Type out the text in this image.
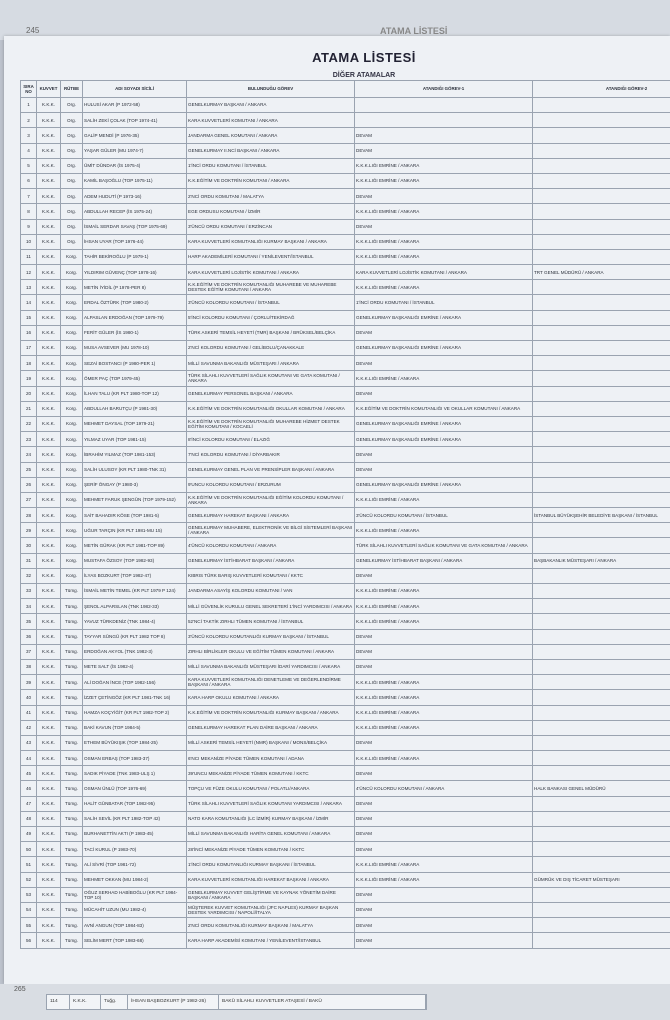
245	ATAMA LİSTESİ
ATAMA LİSTESİ
DİĞER ATAMALAR
SIRA NO	KUVVET	RÜTBE	ADI SOYADI SİCİLİ	BULUNDUĞU GÖREV	ATANDIĞI GÖREV-1	ATANDIĞI GÖREV-2
1	K.K.K.	Org.	HULUSİ AKAR (P 1972-58)	GENELKURMAY BAŞKANI / ANKARA		
2	K.K.K.	Org.	SALİH ZEKİ ÇOLAK (TOP 1974-41)	KARA KUVVETLERİ KOMUTANI / ANKARA		
3	K.K.K.	Org.	GALİP MENDİ (P 1976-35)	JANDARMA GENEL KOMUTANI / ANKARA	DEVAM	
4	K.K.K.	Org.	YAŞAR GÜLER (MU 1974-7)	GENELKURMAY II.NCİ BAŞKANI / ANKARA	DEVAM	
5	K.K.K.	Org.	ÜMİT DÜNDAR (İS 1975-4)	1'İNCİ ORDU KOMUTANI / İSTANBUL	K.K.K.LIĞI EMRİNE / ANKARA	
6	K.K.K.	Org.	KAMİL BAŞOĞLU (TOP 1975-11)	K.K.EĞİTİM VE DOKTRİN KOMUTANI / ANKARA	K.K.K.LIĞI EMRİNE / ANKARA	
7	K.K.K.	Org.	ADEM HUDUTİ (P 1973-16)	2'NCİ ORDU KOMUTANI / MALATYA	DEVAM	
8	K.K.K.	Org.	ABDULLAH RECEP (İS 1975-24)	EGE ORDUSU KOMUTANI / İZMİR	K.K.K.LIĞI EMRİNE / ANKARA	
9	K.K.K.	Org.	İSMAİL SERDAR SAVAŞ (TOP 1975-69)	3'ÜNCÜ ORDU KOMUTANI / ERZİNCAN	DEVAM	
10	K.K.K.	Org.	İHSAN UYAR (TOP 1976-44)	KARA KUVVETLERİ KOMUTANLIĞI KURMAY BAŞKANI / ANKARA	K.K.K.LIĞI EMRİNE / ANKARA	
11	K.K.K.	Korg.	TAHİR BEKİROĞLU (P 1979-1)	HARP AKADEMİLERİ KOMUTANI / YENİLEVENT/İSTANBUL	K.K.K.LIĞI EMRİNE / ANKARA	
12	K.K.K.	Korg.	YILDIRIM GÜVENÇ (TOP 1978-16)	KARA KUVVETLERİ LOJİSTİK KOMUTANI / ANKARA	KARA KUVVETLERİ LOJİSTİK KOMUTANI / ANKARA	TRT GENEL MÜDÜRÜ / ANKARA
13	K.K.K.	Korg.	METİN İYİDİL (P 1978-PER 8)	K.K.EĞİTİM VE DOKTRİN KOMUTANLIĞI MUHAREBE VE MUHAREBE DESTEK EĞİTİM KOMUTANI / ANKARA	K.K.K.LIĞI EMRİNE / ANKARA	
14	K.K.K.	Korg.	ERDAL ÖZTÜRK (TOP 1980-2)	3'ÜNCÜ KOLORDU KOMUTANI / İSTANBUL	1'İNCİ ORDU KOMUTANI / İSTANBUL	
15	K.K.K.	Korg.	ALPASLAN ERDOĞAN (TOP 1979-79)	5'İNCİ KOLORDU KOMUTANI / ÇORLU/TEKİRDAĞ	GENELKURMAY BAŞKANLIĞI EMRİNE / ANKARA	
16	K.K.K.	Korg.	FERİT GÜLER (İS 1980-1)	TÜRK ASKERİ TEMSİL HEYETİ (TMR) BAŞKANI / BRÜKSEL/BELÇİKA	DEVAM	
17	K.K.K.	Korg.	MUSA AVSEVER (MU 1978-10)	2'NCİ KOLORDU KOMUTANI / GELİBOLU/ÇANAKKALE	GENELKURMAY BAŞKANLIĞI EMRİNE / ANKARA	
18	K.K.K.	Korg.	SEZAİ BOSTANCI (P 1980-PER 1)	MİLLİ SAVUNMA BAKANLIĞI MÜSTEŞARI / ANKARA	DEVAM	
19	K.K.K.	Korg.	ÖMER PAÇ (TOP 1979-45)	TÜRK SİLAHLI KUVVETLERİ SAĞLIK KOMUTANI VE GATA KOMUTANI / ANKARA	K.K.K.LIĞI EMRİNE / ANKARA	
20	K.K.K.	Korg.	İLHAN TALU (KR PLT 1980-TOP 12)	GENELKURMAY PERSONEL BAŞKANI / ANKARA	DEVAM	
21	K.K.K.	Korg.	ABDULLAH BARUTÇU (P 1981-30)	K.K.EĞİTİM VE DOKTRİN KOMUTANLIĞI OKULLAR KOMUTANI / ANKARA	K.K.EĞİTİM VE DOKTRİN KOMUTANLIĞI VE OKULLAR KOMUTANI / ANKARA	
22	K.K.K.	Korg.	MEHMET DAYSAL (TOP 1979-21)	K.K.EĞİTİM VE DOKTRİN KOMUTANLIĞI MUHAREBE HİZMET DESTEK EĞİTİM KOMUTANI / KOCAELİ	GENELKURMAY BAŞKANLIĞI EMRİNE / ANKARA	
23	K.K.K.	Korg.	YILMAZ UYAR (TOP 1981-15)	8'İNCİ KOLORDU KOMUTANI / ELAZIĞ	GENELKURMAY BAŞKANLIĞI EMRİNE / ANKARA	
24	K.K.K.	Korg.	İBRAHİM YILMAZ (TOP 1981-153)	7'NCİ KOLORDU KOMUTANI / DİYARBAKIR	DEVAM	
25	K.K.K.	Korg.	SALİH ULUSOY (KR PLT 1980-TNK 31)	GENELKURMAY GENEL PLAN VE PRENSİPLER BAŞKANI / ANKARA	DEVAM	
26	K.K.K.	Korg.	ŞERİF ÖNGAY (P 1980-3)	9'UNCU KOLORDU KOMUTANI / ERZURUM	GENELKURMAY BAŞKANLIĞI EMRİNE / ANKARA	
27	K.K.K.	Korg.	MEHMET FARUK ŞENGÜN (TOP 1979-152)	K.K.EĞİTİM VE DOKTRİN KOMUTANLIĞI EĞİTİM KOLORDU KOMUTANI / ANKARA	K.K.K.LIĞI EMRİNE / ANKARA	
28	K.K.K.	Korg.	SAİT BAHADIR KÖSE (TOP 1981-5)	GENELKURMAY HAREKAT BAŞKANI / ANKARA	3'ÜNCÜ KOLORDU KOMUTANI / İSTANBUL	İSTANBUL BÜYÜKŞEHİR BELEDİYE BAŞKANI / İSTANBUL
29	K.K.K.	Korg.	UĞUR TARÇIN (KR PLT 1981-MU 15)	GENELKURMAY MUHABERE, ELEKTRONİK VE BİLGİ SİSTEMLERİ BAŞKANI / ANKARA	K.K.K.LIĞI EMRİNE / ANKARA	
30	K.K.K.	Korg.	METİN GÜRAK (KR PLT 1981-TOP 89)	4'ÜNCÜ KOLORDU KOMUTANI / ANKARA	TÜRK SİLAHLI KUVVETLERİ SAĞLIK KOMUTANI VE GATA KOMUTANI / ANKARA	
31	K.K.K.	Korg.	MUSTAFA ÖZSOY (TOP 1982-93)	GENELKURMAY İSTİHBARAT BAŞKANI / ANKARA	GENELKURMAY İSTİHBARAT BAŞKANI / ANKARA	BAŞBAKANLIK MÜSTEŞARI / ANKARA
32	K.K.K.	Korg.	İLYAS BOZKURT (TOP 1982-47)	KIBRIS TÜRK BARIŞ KUVVETLERİ KOMUTANI / KKTC	DEVAM	
33	K.K.K.	Tümg.	İSMAİL METİN TEMEL (KR PLT 1979 P 124)	JANDARMA ASAYİŞ KOLORDU KOMUTANI / VAN	K.K.K.LIĞI EMRİNE / ANKARA	
34	K.K.K.	Tümg.	ŞENOL ALPARSLAN (TNK 1982-33)	MİLLİ GÜVENLİK KURULU GENEL SEKRETERİ 1'İNCİ YARDIMCISI / ANKARA	K.K.K.LIĞI EMRİNE / ANKARA	
35	K.K.K.	Tümg.	YAVUZ TÜRKDENİZ (TNK 1984-4)	52'NCİ TAKTİK ZIRHLI TÜMEN KOMUTANI / İSTANBUL	K.K.K.LIĞI EMRİNE / ANKARA	
36	K.K.K.	Tümg.	TAYYAR SÜNGÜ (KR PLT 1982 TOP 8)	3'ÜNCÜ KOLORDU KOMUTANLIĞI KURMAY BAŞKANI / İSTANBUL	DEVAM	
37	K.K.K.	Tümg.	ERDOĞAN AKYOL (TNK 1982-3)	ZIRHLI BİRLİKLER OKULU VE EĞİTİM TÜMEN KOMUTANI / ANKARA	DEVAM	
38	K.K.K.	Tümg.	METE SALT (İS 1982-4)	MİLLİ SAVUNMA BAKANLIĞI MÜSTEŞARI İDARİ YARDIMCISI / ANKARA	DEVAM	
39	K.K.K.	Tümg.	ALİ DOĞAN İNCE (TOP 1982-156)	KARA KUVVETLERİ KOMUTANLIĞI DENETLEME VE DEĞERLENDİRME BAŞKANI / ANKARA	K.K.K.LIĞI EMRİNE / ANKARA	
40	K.K.K.	Tümg.	İZZET ÇETİNGÖZ (KR PLT 1981-TNK 16)	KARA HARP OKULU KOMUTANI / ANKARA	K.K.K.LIĞI EMRİNE / ANKARA	
41	K.K.K.	Tümg.	HAMZA KOÇYİĞİT (KR PLT 1982-TOP 2)	K.K.EĞİTİM VE DOKTRİN KOMUTANLIĞI KURMAY BAŞKANI / ANKARA	K.K.K.LIĞI EMRİNE / ANKARA	
42	K.K.K.	Tümg.	BAKİ KAVUN (TOP 1984-5)	GENELKURMAY HAREKAT PLAN DAİRE BAŞKANI / ANKARA	K.K.K.LIĞI EMRİNE / ANKARA	
43	K.K.K.	Tümg.	ETHEM BÜYÜKIŞIK (TOP 1984-25)	MİLLİ ASKERİ TEMSİL HEYETİ (NMR) BAŞKANI / MONS/BELÇİKA	DEVAM	
44	K.K.K.	Tümg.	OSMAN ERBAŞ (TOP 1983-37)	6'NCI MEKANİZE PİYADE TÜMEN KOMUTANI / ADANA	K.K.K.LIĞI EMRİNE / ANKARA	
45	K.K.K.	Tümg.	SADIK PİYADE (TNK 1983-ULŞ 1)	39'UNCU MEKANİZE PİYADE TÜMEN KOMUTANI / KKTC	DEVAM	
46	K.K.K.	Tümg.	OSMAN ÜNLÜ (TOP 1976-69)	TOPÇU VE FÜZE OKULU KOMUTANI / POLATLI/ANKARA	4'ÜNCÜ KOLORDU KOMUTANI / ANKARA	HALK BANKASI GENEL MÜDÜRÜ
47	K.K.K.	Tümg.	HALİT GÜNBATAR (TOP 1982-95)	TÜRK SİLAHLI KUVVETLERİ SAĞLIK KOMUTANI YARDIMCISI / ANKARA	DEVAM	
48	K.K.K.	Tümg.	SALİH SEVİL (KR PLT 1982-TOP 42)	NATO KARA KOMUTANLIĞI (LC İZMİR) KURMAY BAŞKANI / İZMİR	DEVAM	
49	K.K.K.	Tümg.	BURHANETTİN AKTI (P 1983-45)	MİLLİ SAVUNMA BAKANLIĞI HARİTA GENEL KOMUTANI / ANKARA	DEVAM	
50	K.K.K.	Tümg.	TACİ KURUL (P 1983-70)	28'İNCİ MEKANİZE PİYADE TÜMEN KOMUTANI / KKTC	DEVAM	
51	K.K.K.	Tümg.	ALİ SİVRİ (TOP 1981-72)	1'İNCİ ORDU KOMUTANLIĞI KURMAY BAŞKANI / İSTANBUL	K.K.K.LIĞI EMRİNE / ANKARA	
52	K.K.K.	Tümg.	MEHMET OKKAN (MU 1984-2)	KARA KUVVETLERİ KOMUTANLIĞI HAREKAT BAŞKANI / ANKARA	K.K.K.LIĞI EMRİNE / ANKARA	GÜMRÜK VE DIŞ TİCARET MÜSTEŞARI
53	K.K.K.	Tümg.	OĞUZ SERHAD HABİBOĞLU (KR PLT 1984-TOP 10)	GENELKURMAY KUVVET GELİŞTİRME VE KAYNAK YÖNETİM DAİRE BAŞKANI / ANKARA	DEVAM	
54	K.K.K.	Tümg.	MÜCAHİT UZUN (MU 1982-4)	MÜŞTEREK KUVVET KOMUTANLIĞI (JFC NAPLES) KURMAY BAŞKAN DESTEK YARDIMCISI / NAPOLİ/İTALYA	DEVAM	
55	K.K.K.	Tümg.	AVNİ ANGUN (TOP 1984-83)	2'NCİ ORDU KOMUTANLIĞI KURMAY BAŞKANI / MALATYA	DEVAM	
56	K.K.K.	Tümg.	SELİM MERT (TOP 1983-68)	KARA HARP AKADEMİSİ KOMUTANI / YENİLEVENT/İSTANBUL	DEVAM	
265
114	K.K.K.	Tuğg.	İHSAN BAŞBOZKURT (P 1982-26)	BAKÜ SİLAHLI KUVVETLER ATAŞESİ / BAKÜ
